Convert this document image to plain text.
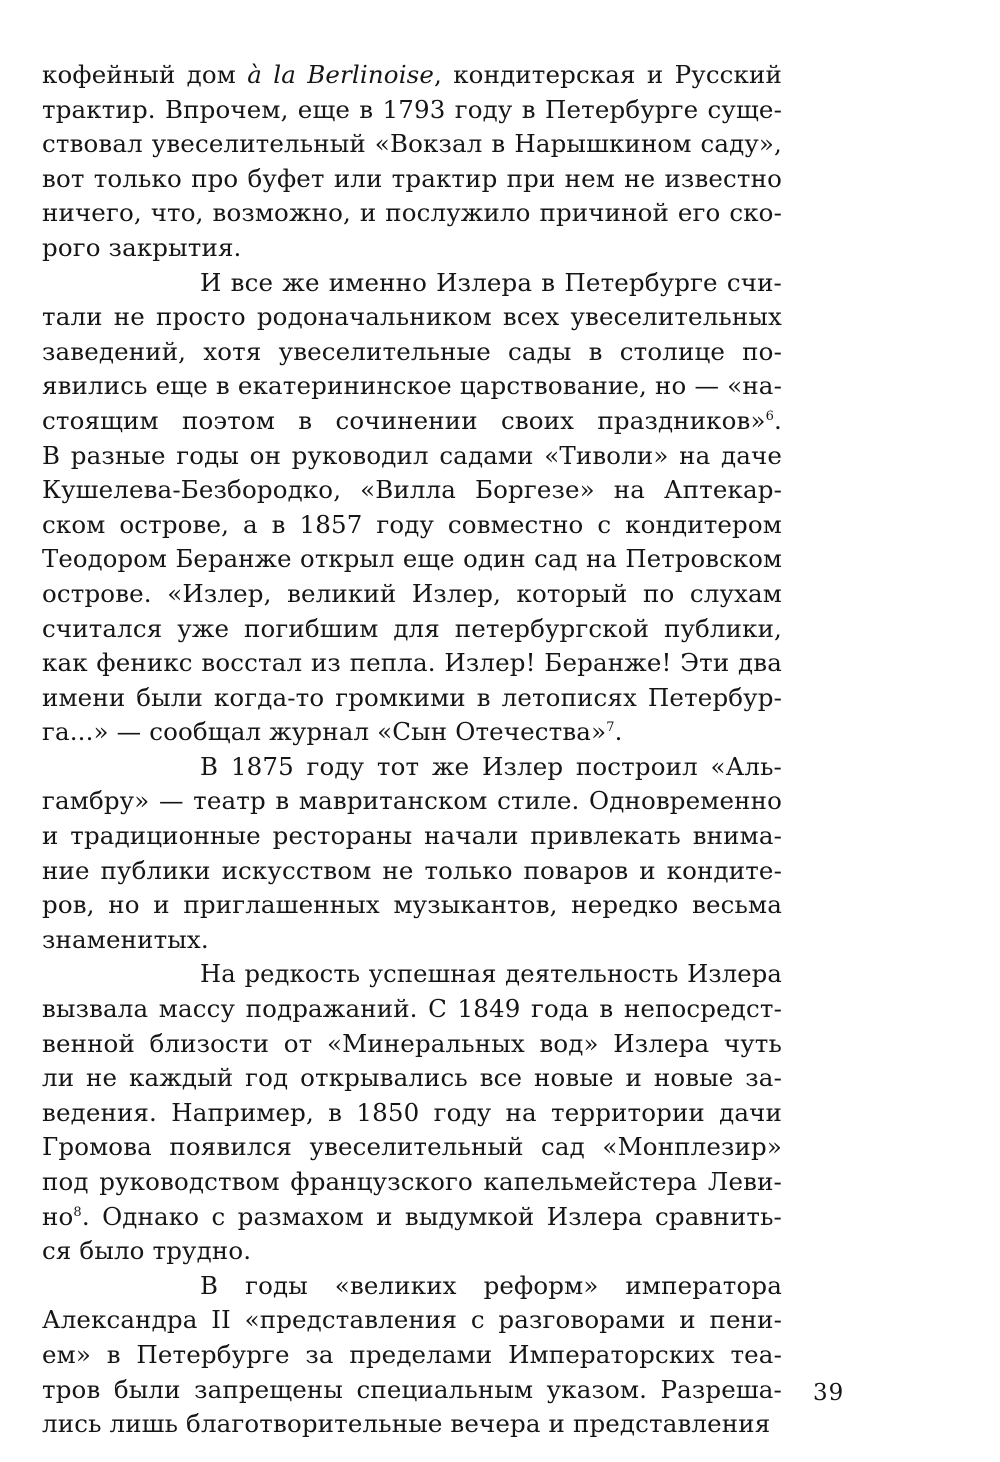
кофейный дом à la Berlinoise, кондитерская и Русский
трактир. Впрочем, еще в 1793 году в Петербурге суще-
ствовал увеселительный «Вокзал в Нарышкином саду»,
вот только про буфет или трактир при нем не известно
ничего, что, возможно, и послужило причиной его ско-
рого закрытия.
И все же именно Излера в Петербурге счи-
тали не просто родоначальником всех увеселительных
заведений, хотя увеселительные сады в столице по-
явились еще в екатерининское царствование, но — «на-
стоящим поэтом в сочинении своих праздников»$^6$.
В разные годы он руководил садами «Тиволи» на даче
Кушелева-Безбородко, «Вилла Боргезе» на Аптекар-
ском острове, а в 1857 году совместно с кондитером
Теодором Беранже открыл еще один сад на Петровском
острове. «Излер, великий Излер, который по слухам
считался уже погибшим для петербургской публики,
как феникс восстал из пепла. Излер! Беранже! Эти два
имени были когда-то громкими в летописях Петербур-
га...» — сообщал журнал «Сын Отечества»$^7$.
В 1875 году тот же Излер построил «Аль-
гамбру» — театр в мавританском стиле. Одновременно
и традиционные рестораны начали привлекать внима-
ние публики искусством не только поваров и кондите-
ров, но и приглашенных музыкантов, нередко весьма
знаменитых.
На редкость успешная деятельность Излера
вызвала массу подражаний. С 1849 года в непосредст-
венной близости от «Минеральных вод» Излера чуть
ли не каждый год открывались все новые и новые за-
ведения. Например, в 1850 году на территории дачи
Громова появился увеселительный сад «Монплезир»
под руководством французского капельмейстера Леви-
но$^8$. Однако с размахом и выдумкой Излера сравнить-
ся было трудно.
В годы «великих реформ» императора
Александра II «представления с разговорами и пени-
ем» в Петербурге за пределами Императорских теа-
тров были запрещены специальным указом. Разреша-
лись лишь благотворительные вечера и представления
39
